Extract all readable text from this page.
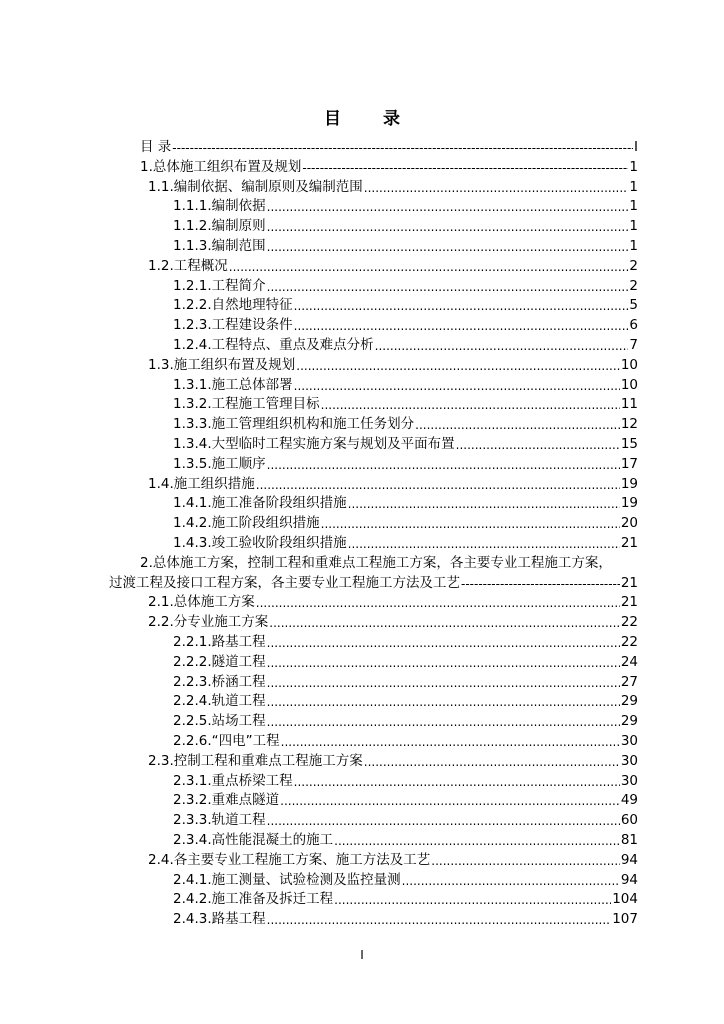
目 录
I
目 录 -----	I
1. 总体施工组织布置及规划 -----	1
1.1. 编制依据、编制原则及编制范围 .....	1
1.1.1. 编制依据 .....	1
1.1.2. 编制原则 .....	1
1.1.3. 编制范围 .....	1
1.2. 工程概况 .....	2
1.2.1. 工程简介 .....	2
1.2.2. 自然地理特征 .....	5
1.2.3. 工程建设条件 .....	6
1.2.4. 工程特点、重点及难点分析 .....	7
1.3. 施工组织布置及规划 .....	10
1.3.1. 施工总体部署 .....	10
1.3.2. 工程施工管理目标 .....	11
1.3.3. 施工管理组织机构和施工任务划分 .....	12
1.3.4. 大型临时工程实施方案与规划及平面布置 .....	15
1.3.5. 施工顺序 .....	17
1.4. 施工组织措施 .....	19
1.4.1. 施工准备阶段组织措施 .....	19
1.4.2. 施工阶段组织措施 .....	20
1.4.3. 竣工验收阶段组织措施 .....	21
2.总体施工方案，控制工程和重难点工程施工方案，各主要专业工程施工方案，
过渡工程及接口工程方案，各主要专业工程施工方法及工艺 -----	21
2.1. 总体施工方案 .....	21
2.2. 分专业施工方案 .....	22
2.2.1. 路基工程 .....	22
2.2.2. 隧道工程 .....	24
2.2.3. 桥涵工程 .....	27
2.2.4. 轨道工程 .....	29
2.2.5. 站场工程 .....	29
2.2.6. “四电”工程 .....	30
2.3. 控制工程和重难点工程施工方案 .....	30
2.3.1. 重点桥梁工程 .....	30
2.3.2. 重难点隧道 .....	49
2.3.3. 轨道工程 .....	60
2.3.4. 高性能混凝土的施工 .....	81
2.4. 各主要专业工程施工方案、施工方法及工艺 .....	94
2.4.1. 施工测量、试验检测及监控量测 .....	94
2.4.2. 施工准备及拆迁工程 .....	104
2.4.3. 路基工程 .....	107
